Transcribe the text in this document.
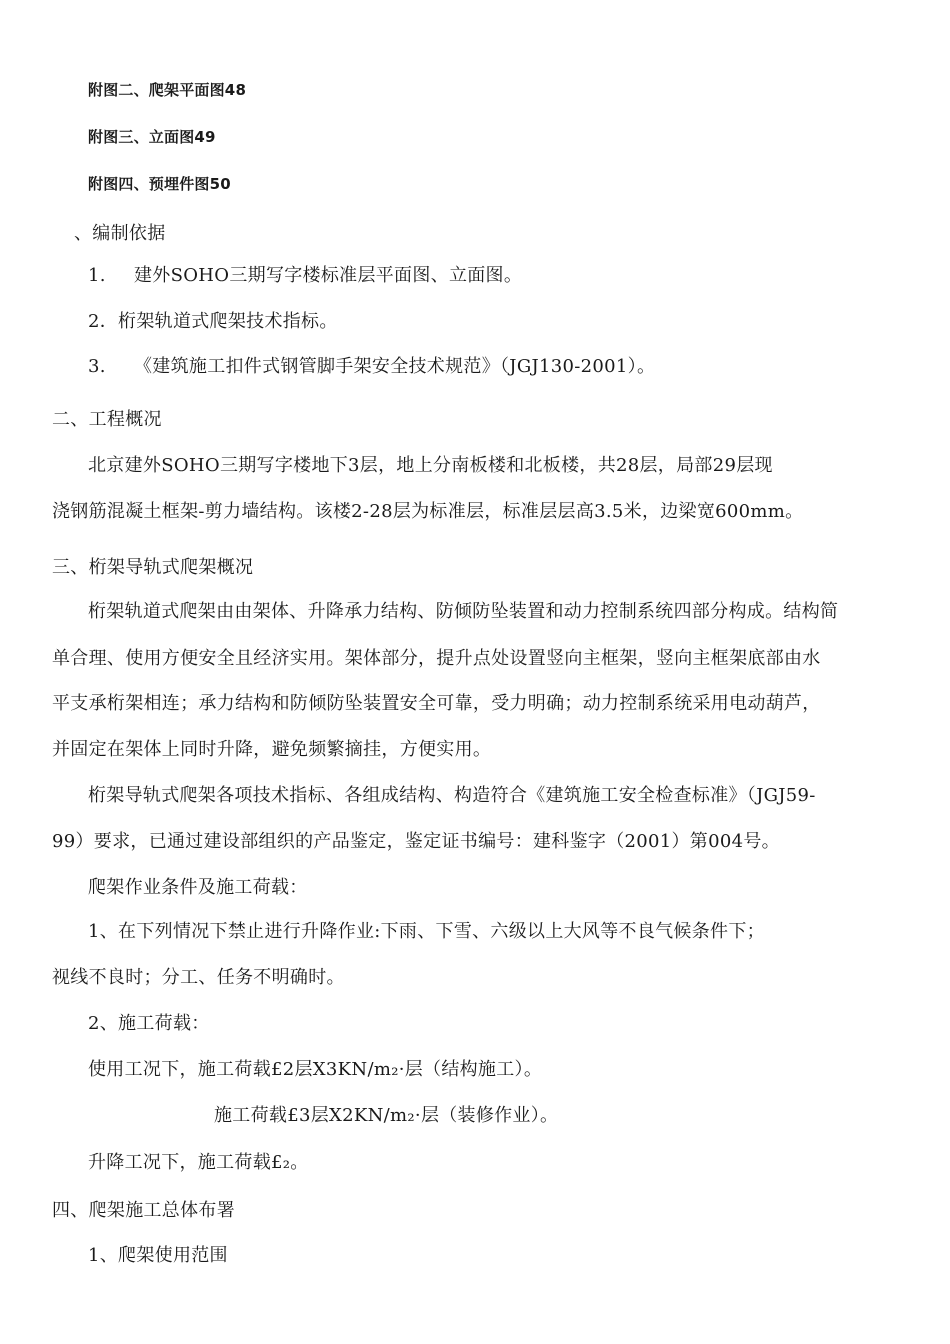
附图二、爬架平面图48
附图三、立面图49
附图四、预埋件图50
、编制依据
1. 建外SOHO三期写字楼标准层平面图、立面图。
2．桁架轨道式爬架技术指标。
3. 《建筑施工扣件式钢管脚手架安全技术规范》（JGJ130-2001）。
二、工程概况
北京建外SOHO三期写字楼地下3层，地上分南板楼和北板楼，共28层，局部29层现
浇钢筋混凝土框架-剪力墙结构。该楼2-28层为标准层，标准层层高3.5米，边梁宽600mm。
三、桁架导轨式爬架概况
桁架轨道式爬架由由架体、升降承力结构、防倾防坠装置和动力控制系统四部分构成。结构简
单合理、使用方便安全且经济实用。架体部分，提升点处设置竖向主框架，竖向主框架底部由水
平支承桁架相连；承力结构和防倾防坠装置安全可靠，受力明确；动力控制系统采用电动葫芦，
并固定在架体上同时升降，避免频繁摘挂，方便实用。
桁架导轨式爬架各项技术指标、各组成结构、构造符合《建筑施工安全检查标准》（JGJ59-
99）要求，已通过建设部组织的产品鉴定，鉴定证书编号：建科鉴字（2001）第004号。
爬架作业条件及施工荷载：
1、在下列情况下禁止进行升降作业:下雨、下雪、六级以上大风等不良气候条件下；
视线不良时；分工、任务不明确时。
2、施工荷载：
使用工况下，施工荷载£2层X3KN/m₂·层（结构施工）。
施工荷载£3层X2KN/m₂·层（装修作业）。
升降工况下，施工荷载£₂。
四、爬架施工总体布署
1、爬架使用范围
